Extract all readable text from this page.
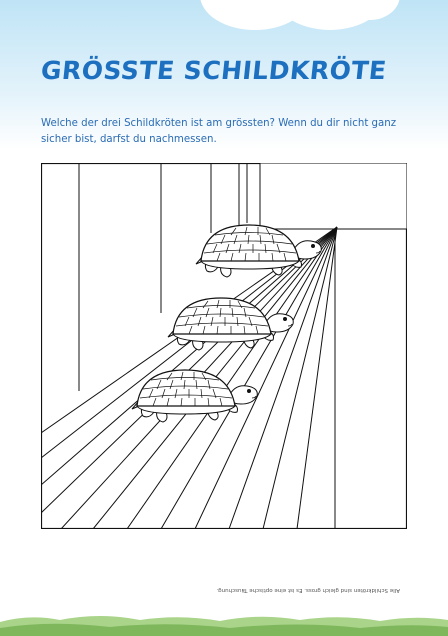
GRÖSSTE SCHILDKRÖTE

Welche der drei Schildkröten ist am grössten? Wenn du dir nicht ganz sicher bist, darfst du nachmessen.

Alle Schildkröten sind gleich gross. Es ist eine optische Täuschung.
